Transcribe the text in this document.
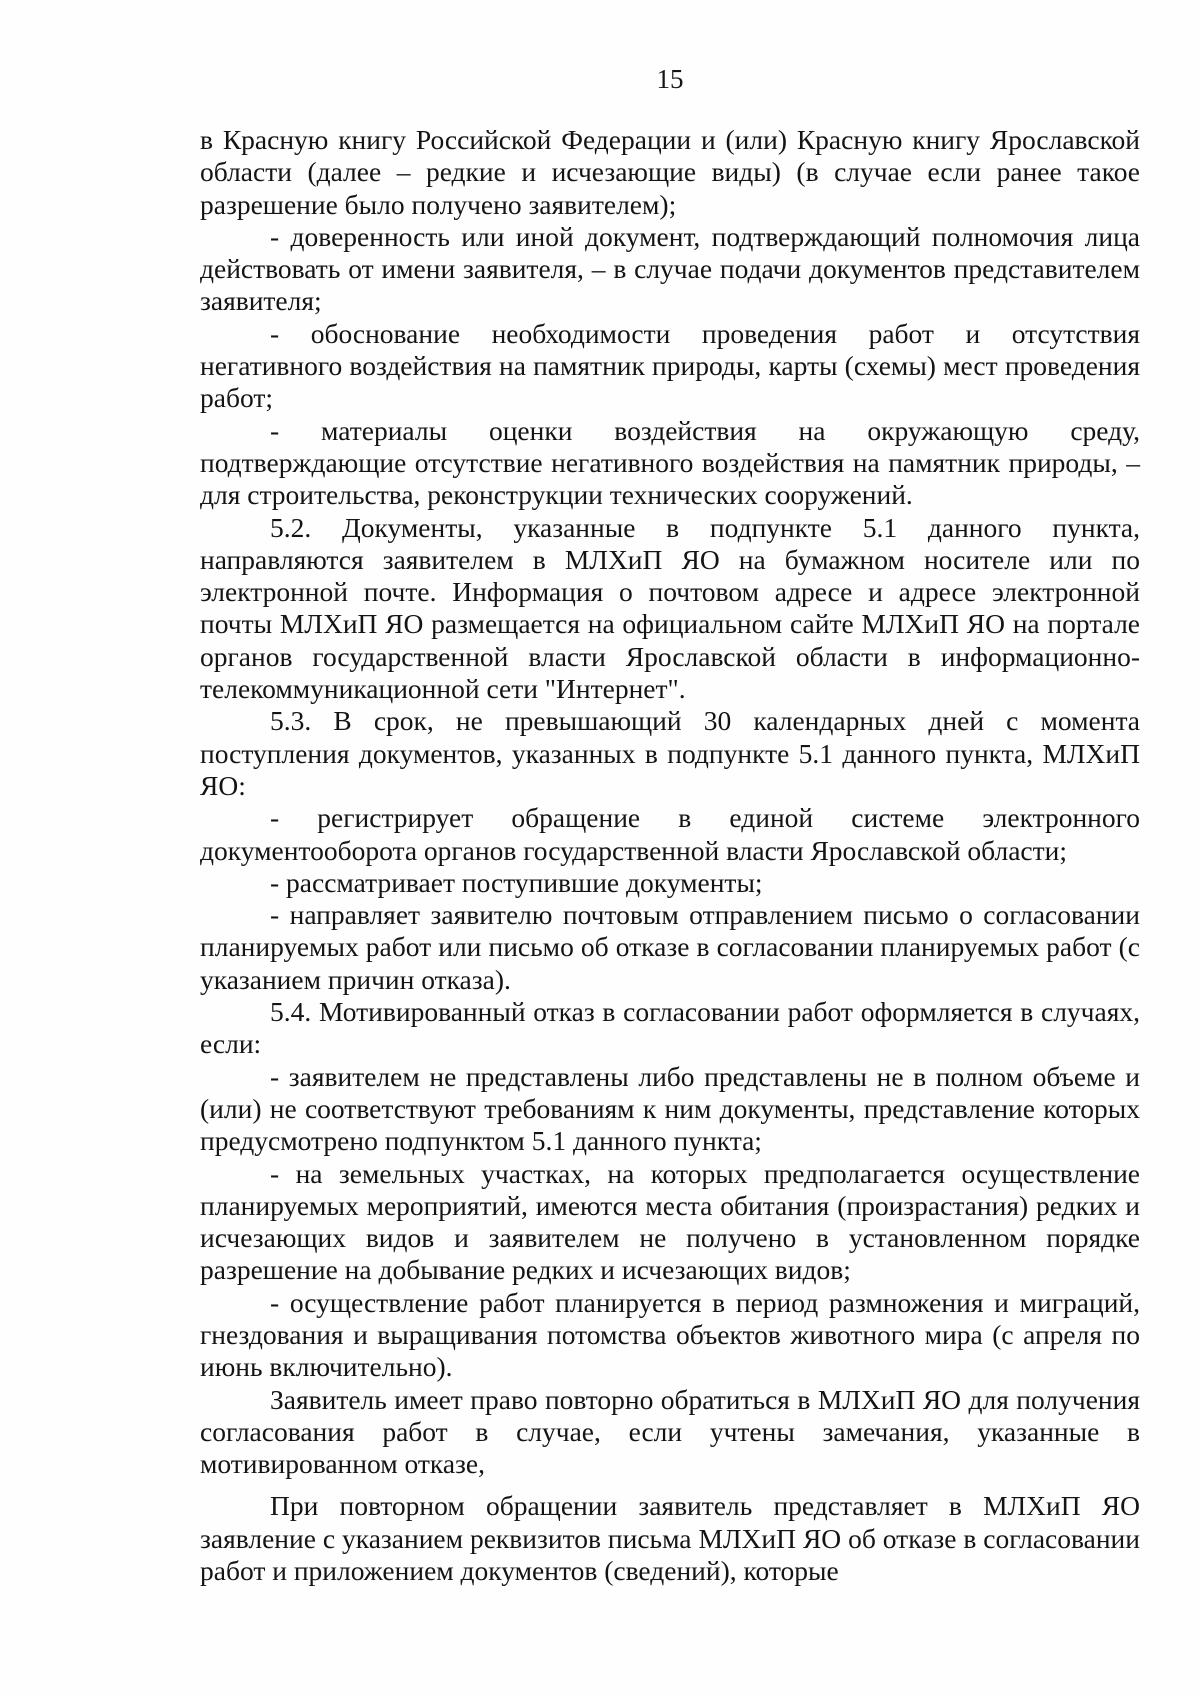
15

в Красную книгу Российской Федерации и (или) Красную книгу Ярославской области (далее – редкие и исчезающие виды) (в случае если ранее такое разрешение было получено заявителем);

- доверенность или иной документ, подтверждающий полномочия лица действовать от имени заявителя, – в случае подачи документов представителем заявителя;

- обоснование необходимости проведения работ и отсутствия негативного воздействия на памятник природы, карты (схемы) мест проведения работ;

- материалы оценки воздействия на окружающую среду, подтверждающие отсутствие негативного воздействия на памятник природы, – для строительства, реконструкции технических сооружений.

5.2. Документы, указанные в подпункте 5.1 данного пункта, направляются заявителем в МЛХиП ЯО на бумажном носителе или по электронной почте. Информация о почтовом адресе и адресе электронной почты МЛХиП ЯО размещается на официальном сайте МЛХиП ЯО на портале органов государственной власти Ярославской области в информационно-телекоммуникационной сети "Интернет".

5.3. В срок, не превышающий 30 календарных дней с момента поступления документов, указанных в подпункте 5.1 данного пункта, МЛХиП ЯО:

- регистрирует обращение в единой системе электронного документооборота органов государственной власти Ярославской области;

- рассматривает поступившие документы;

- направляет заявителю почтовым отправлением письмо о согласовании планируемых работ или письмо об отказе в согласовании планируемых работ (с указанием причин отказа).

5.4. Мотивированный отказ в согласовании работ оформляется в случаях, если:

- заявителем не представлены либо представлены не в полном объеме и (или) не соответствуют требованиям к ним документы, представление которых предусмотрено подпунктом 5.1 данного пункта;

- на земельных участках, на которых предполагается осуществление планируемых мероприятий, имеются места обитания (произрастания) редких и исчезающих видов и заявителем не получено в установленном порядке разрешение на добывание редких и исчезающих видов;

- осуществление работ планируется в период размножения и миграций, гнездования и выращивания потомства объектов животного мира (с апреля по июнь включительно).

Заявитель имеет право повторно обратиться в МЛХиП ЯО для получения согласования работ в случае, если учтены замечания, указанные в мотивированном отказе,

При повторном обращении заявитель представляет в МЛХиП ЯО заявление с указанием реквизитов письма МЛХиП ЯО об отказе в согласовании работ и приложением документов (сведений), которые
